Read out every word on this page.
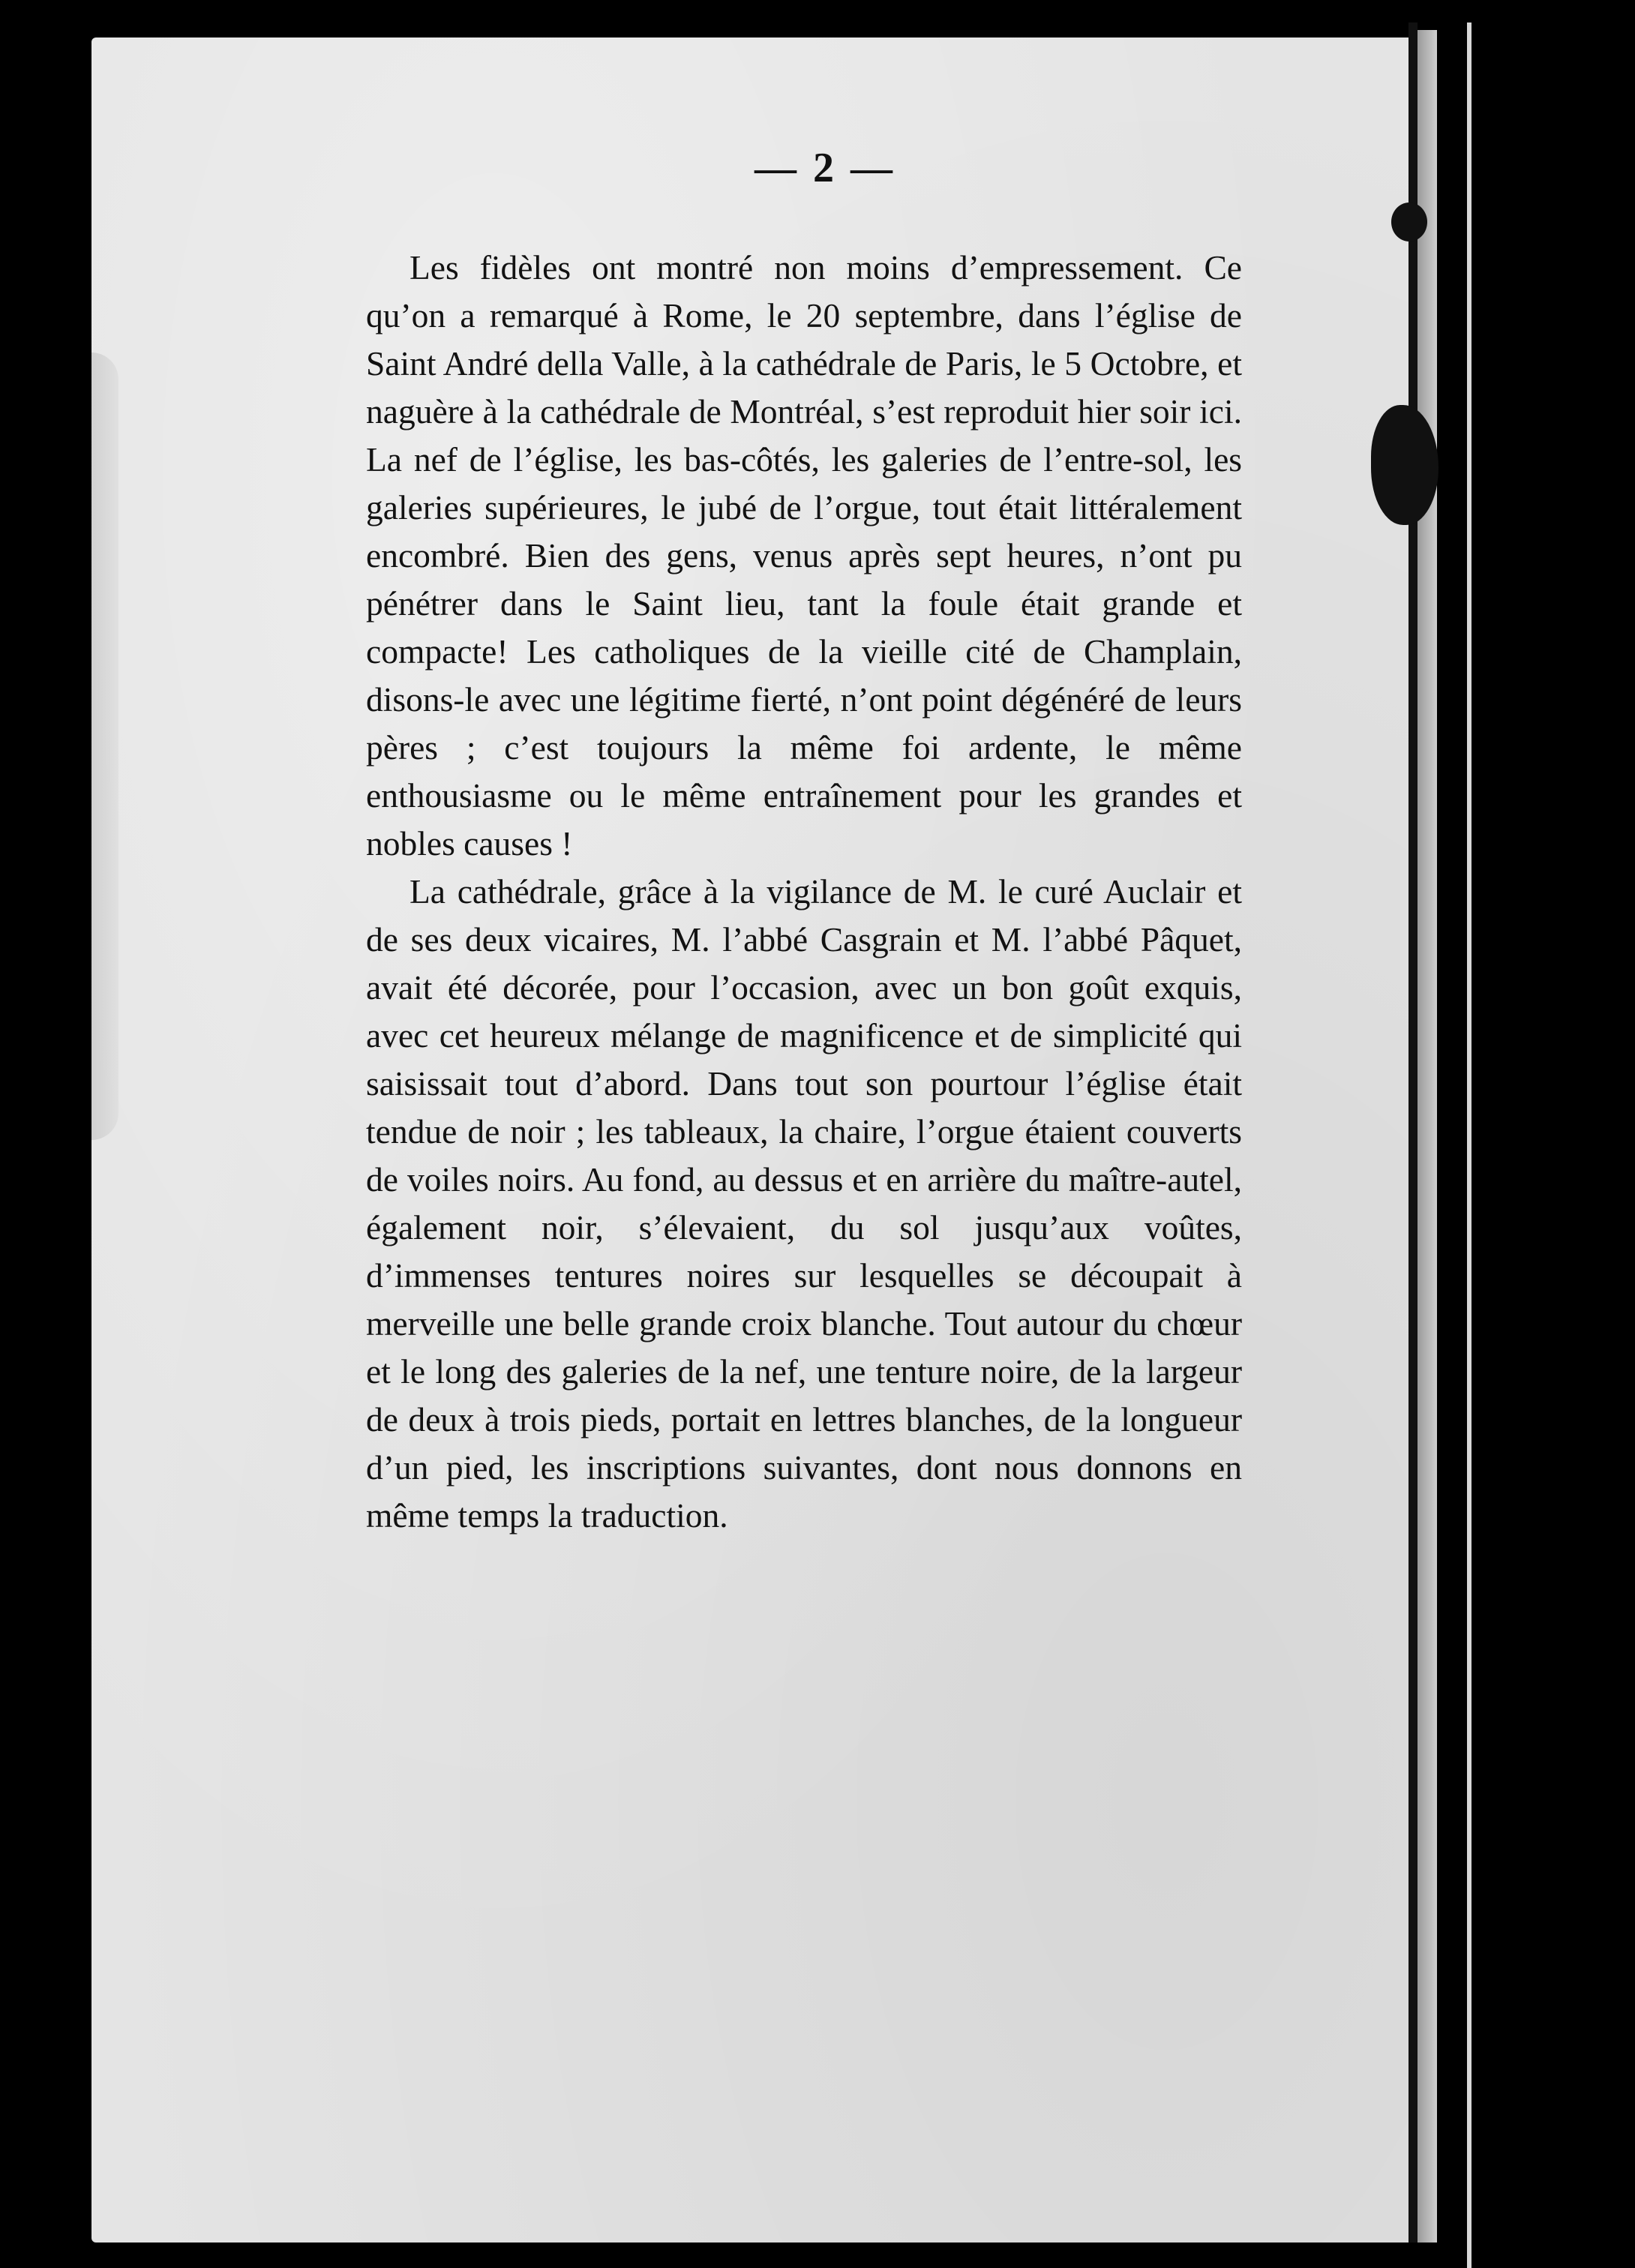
— 2 —

Les fidèles ont montré non moins d’empressement. Ce qu’on a remarqué à Rome, le 20 septembre, dans l’église de Saint André della Valle, à la cathédrale de Paris, le 5 Octobre, et naguère à la cathédrale de Montréal, s’est reproduit hier soir ici. La nef de l’église, les bas-côtés, les galeries de l’entre-sol, les galeries supérieures, le jubé de l’orgue, tout était littéralement encombré. Bien des gens, venus après sept heures, n’ont pu pénétrer dans le Saint lieu, tant la foule était grande et compacte! Les catholiques de la vieille cité de Champlain, disons-le avec une légitime fierté, n’ont point dégénéré de leurs pères ; c’est toujours la même foi ardente, le même enthousiasme ou le même entraînement pour les grandes et nobles causes !

La cathédrale, grâce à la vigilance de M. le curé Auclair et de ses deux vicaires, M. l’abbé Casgrain et M. l’abbé Pâquet, avait été décorée, pour l’occasion, avec un bon goût exquis, avec cet heureux mélange de magnificence et de simplicité qui saisissait tout d’abord. Dans tout son pourtour l’église était tendue de noir ; les tableaux, la chaire, l’orgue étaient couverts de voiles noirs. Au fond, au dessus et en arrière du maître-autel, également noir, s’élevaient, du sol jusqu’aux voûtes, d’immenses tentures noires sur lesquelles se découpait à merveille une belle grande croix blanche. Tout autour du chœur et le long des galeries de la nef, une tenture noire, de la largeur de deux à trois pieds, portait en lettres blanches, de la longueur d’un pied, les inscriptions suivantes, dont nous donnons en même temps la traduction.
